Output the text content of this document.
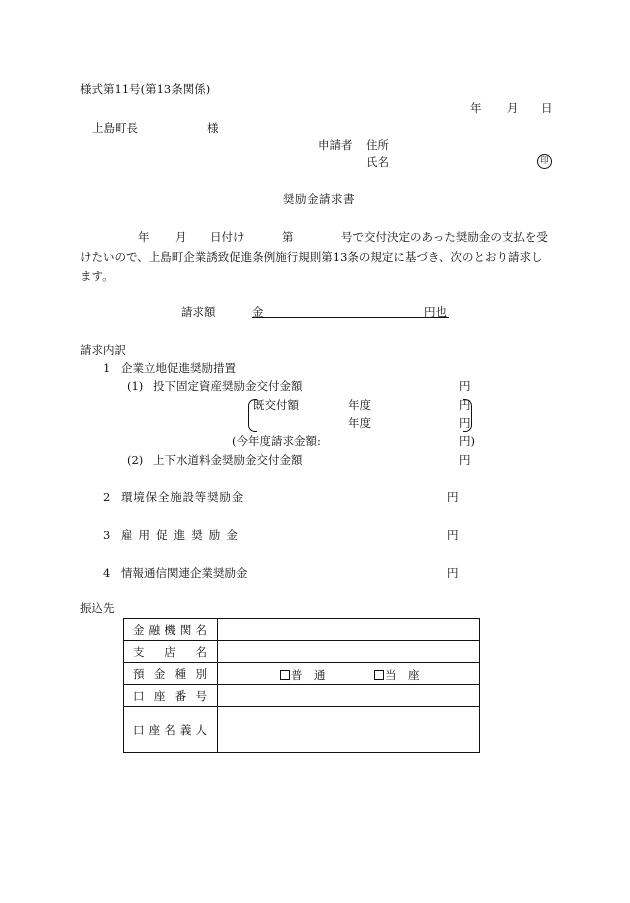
様式第11号(第13条関係)
年 月 日
上島町長	様
申請者 住所
氏名	印
奨励金請求書
年 月 日付け	第	号で交付決定のあった奨励金の支払を受
けたいので、上島町企業誘致促進条例施行規則第13条の規定に基づき、次のとおり請求し
ます。
請求額	金	円也
請求内訳
1 企業立地促進奨励措置
(1) 投下固定資産奨励金交付金額	円
既交付額	年度	円
年度	円
(今年度請求金額:	円)
(2) 上下水道料金奨励金交付金額	円
2 環境保全施設等奨励金	円
3 雇 用 促 進 奨 励 金	円
4 情報通信関連企業奨励金	円
振込先
金融機関名	
支店名	
預金種別	普　通 当　座

口座番号	
口座名義人	
